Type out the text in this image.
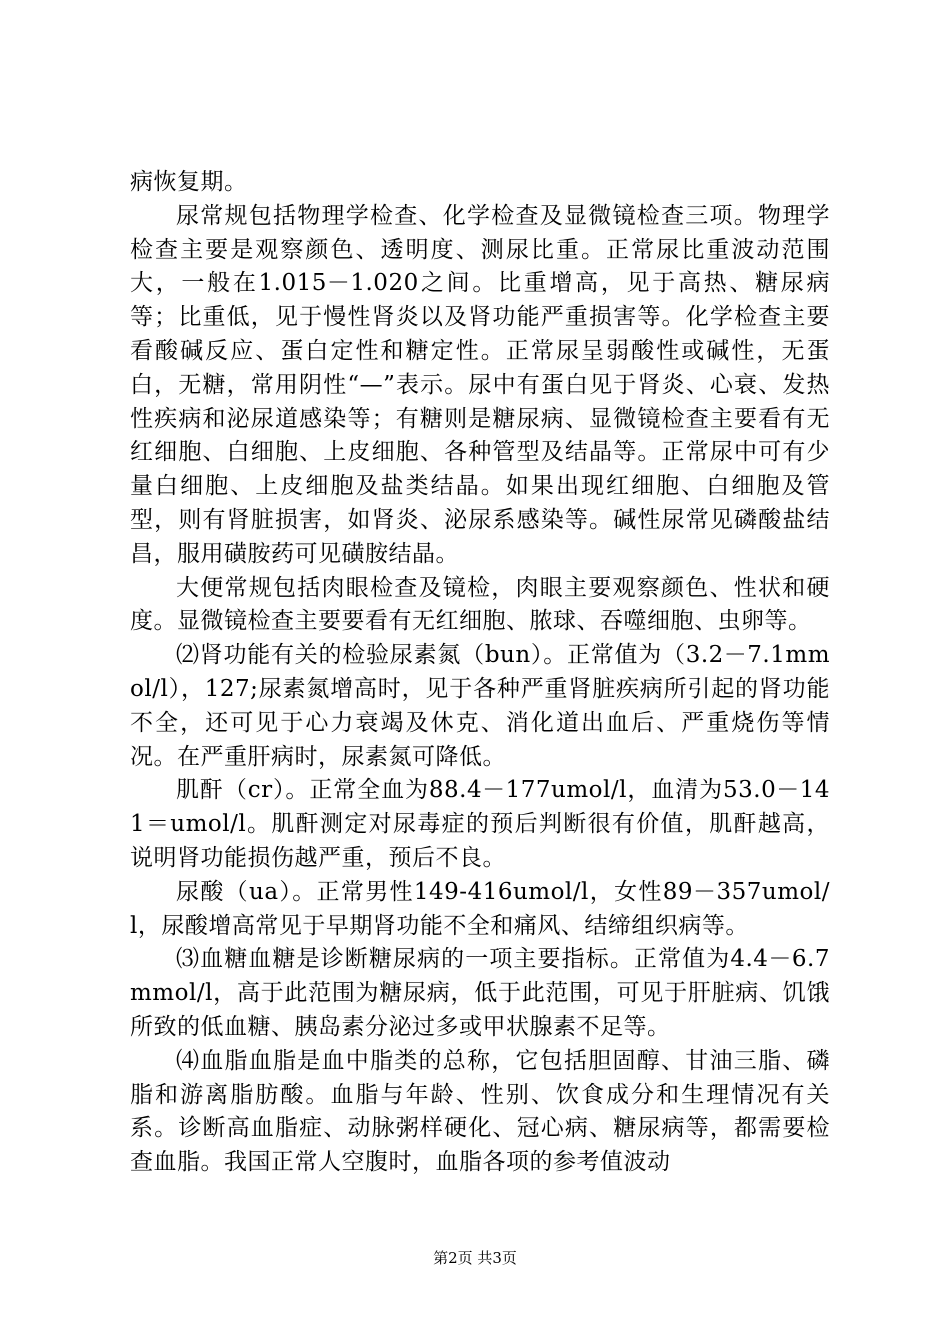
病恢复期。

尿常规包括物理学检查、化学检查及显微镜检查三项。物理学检查主要是观察颜色、透明度、测尿比重。正常尿比重波动范围大，一般在1.015－1.020之间。比重增高，见于高热、糖尿病等；比重低，见于慢性肾炎以及肾功能严重损害等。化学检查主要看酸碱反应、蛋白定性和糖定性。正常尿呈弱酸性或碱性，无蛋白，无糖，常用阴性“—”表示。尿中有蛋白见于肾炎、心衰、发热性疾病和泌尿道感染等；有糖则是糖尿病、显微镜检查主要看有无红细胞、白细胞、上皮细胞、各种管型及结晶等。正常尿中可有少量白细胞、上皮细胞及盐类结晶。如果出现红细胞、白细胞及管型，则有肾脏损害，如肾炎、泌尿系感染等。碱性尿常见磷酸盐结昌，服用磺胺药可见磺胺结晶。

大便常规包括肉眼检查及镜检，肉眼主要观察颜色、性状和硬度。显微镜检查主要要看有无红细胞、脓球、吞噬细胞、虫卵等。

⑵肾功能有关的检验尿素氮（bun）。正常值为（3.2－7.1mmol/l），127;尿素氮增高时，见于各种严重肾脏疾病所引起的肾功能不全，还可见于心力衰竭及休克、消化道出血后、严重烧伤等情况。在严重肝病时，尿素氮可降低。

肌酐（cr）。正常全血为88.4－177umol/l，血清为53.0－141＝umol/l。肌酐测定对尿毒症的预后判断很有价值，肌酐越高，说明肾功能损伤越严重，预后不良。

尿酸（ua）。正常男性149-416umol/l，女性89－357umol/l，尿酸增高常见于早期肾功能不全和痛风、结缔组织病等。

⑶血糖血糖是诊断糖尿病的一项主要指标。正常值为4.4－6.7mmol/l，高于此范围为糖尿病，低于此范围，可见于肝脏病、饥饿所致的低血糖、胰岛素分泌过多或甲状腺素不足等。

⑷血脂血脂是血中脂类的总称，它包括胆固醇、甘油三脂、磷脂和游离脂肪酸。血脂与年龄、性别、饮食成分和生理情况有关系。诊断高血脂症、动脉粥样硬化、冠心病、糖尿病等，都需要检查血脂。我国正常人空腹时，血脂各项的参考值波动

第2页 共3页
